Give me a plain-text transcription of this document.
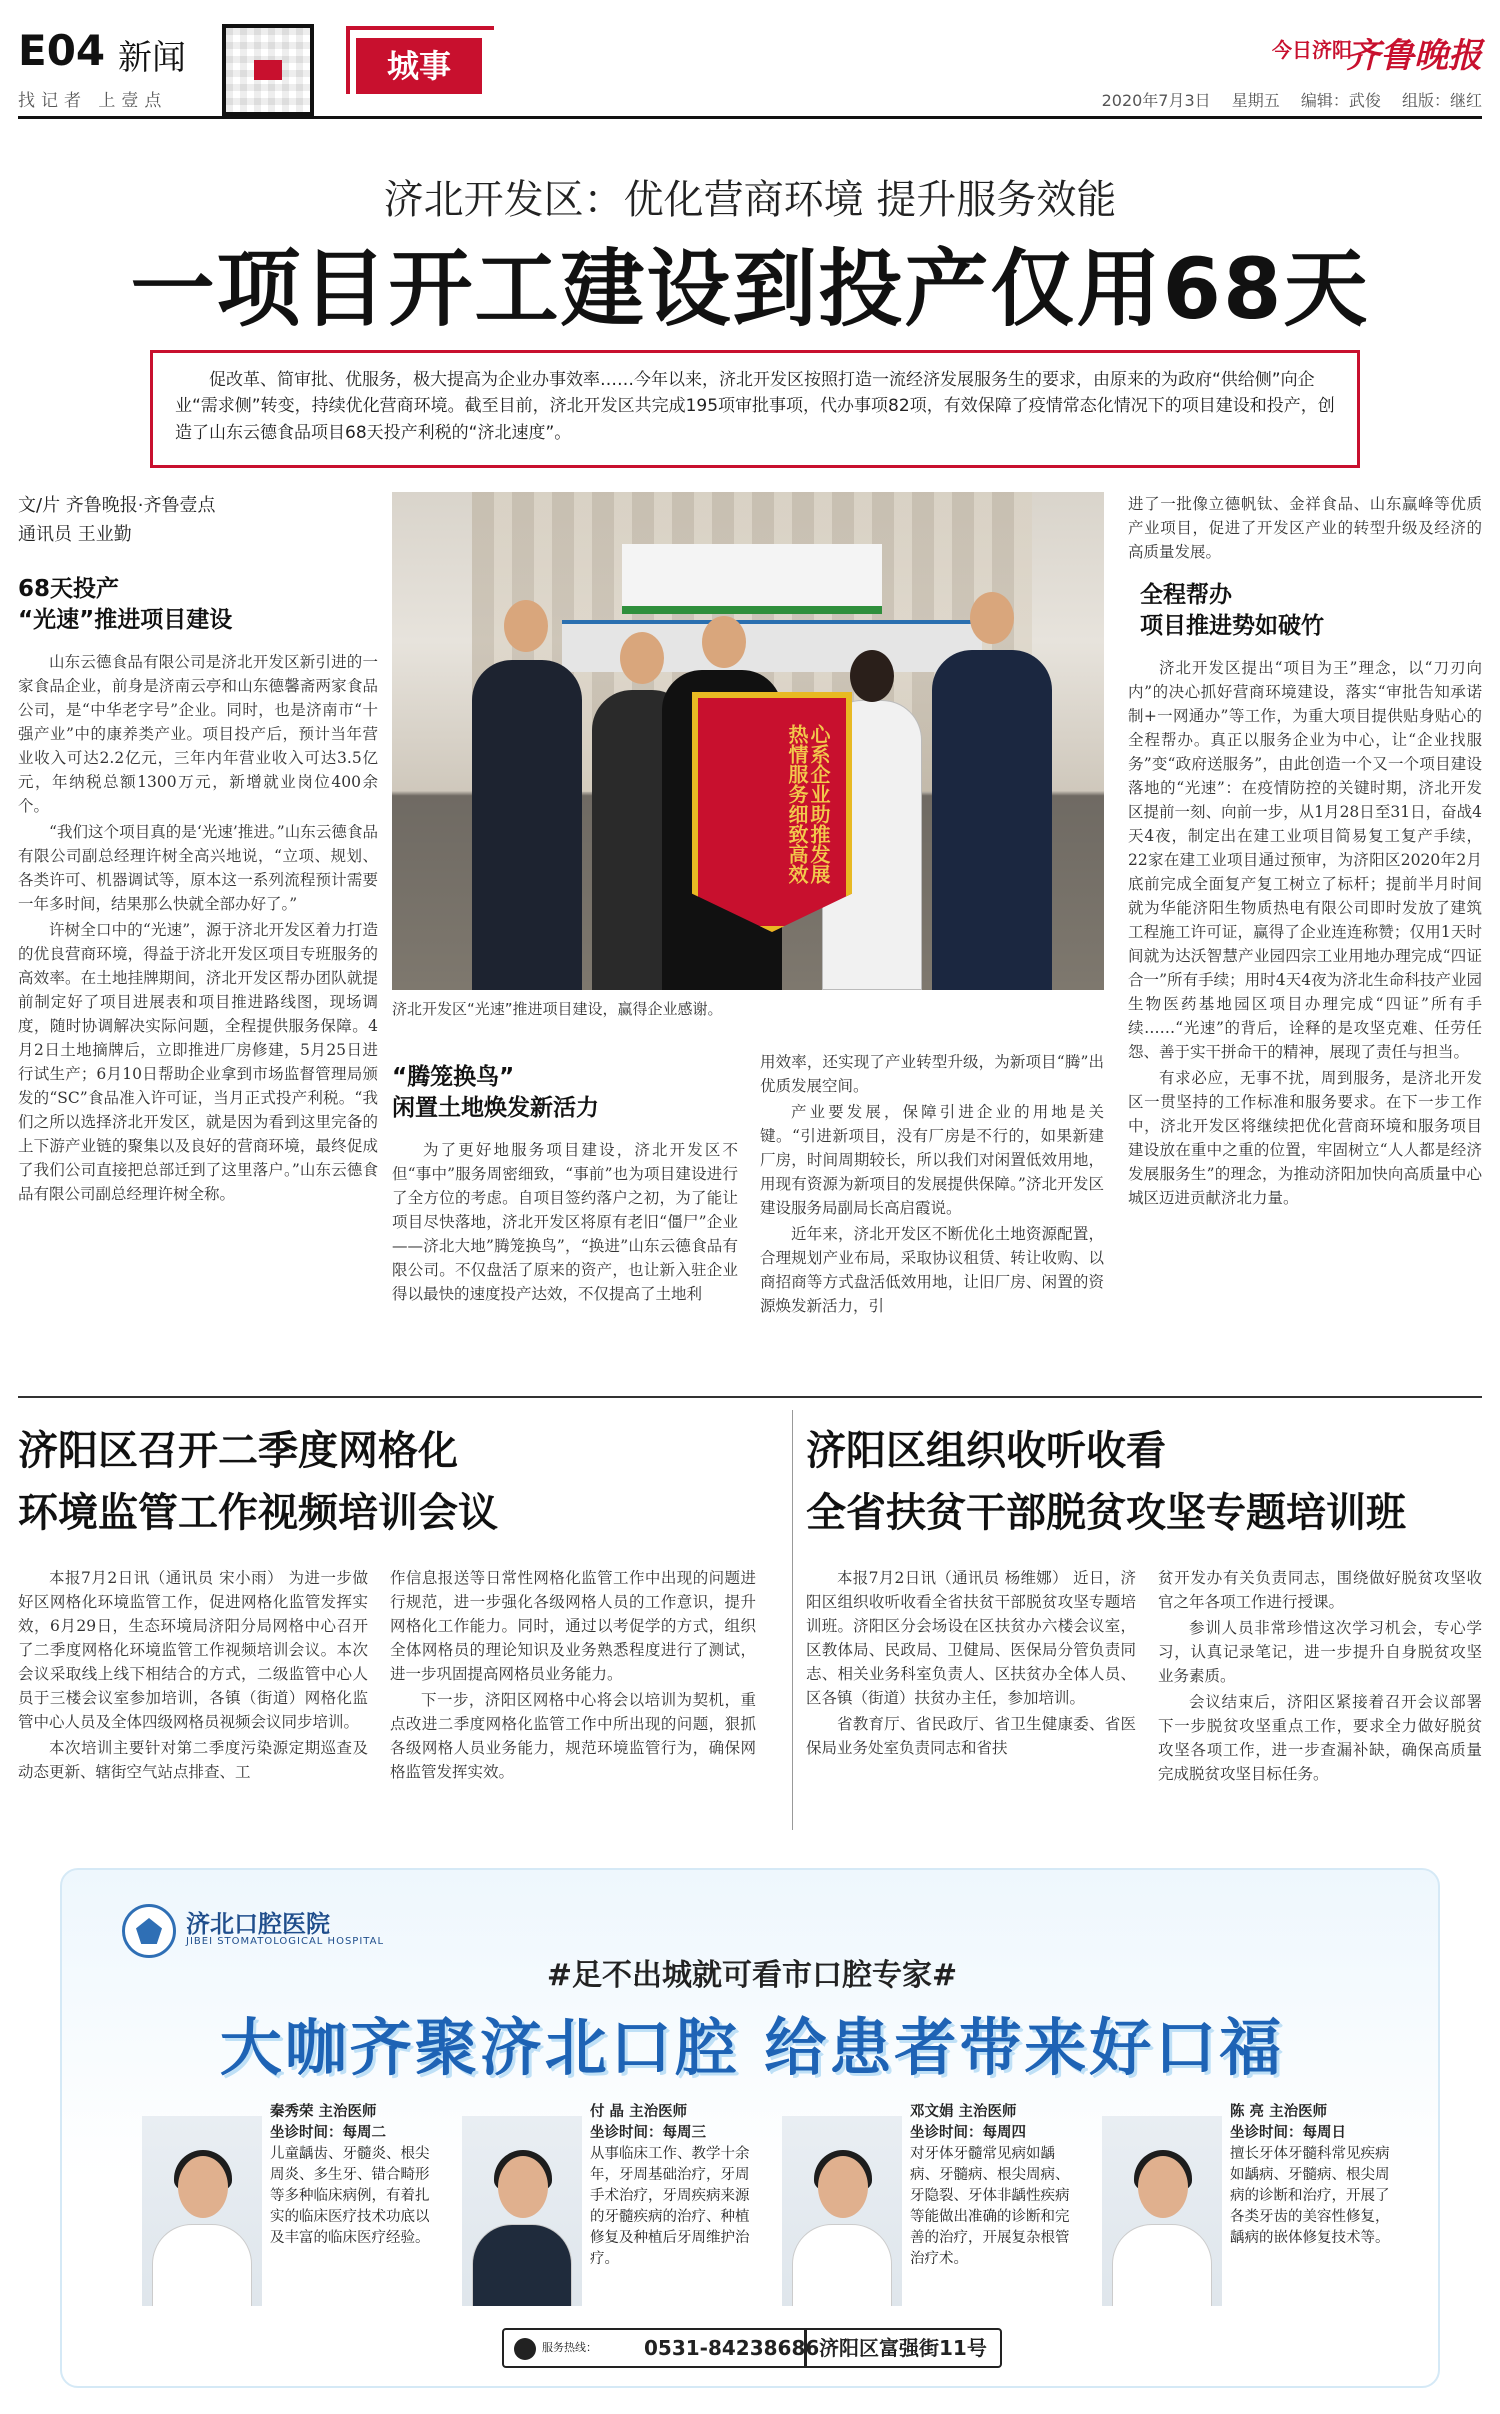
E04 新闻
找记者 上壹点
城事	今日济阳
齐鲁晚报
2020年7月3日 星期五 编辑：武俊 组版：继红
济北开发区：优化营商环境 提升服务效能
一项目开工建设到投产仅用68天
促改革、简审批、优服务，极大提高为企业办事效率……今年以来，济北开发区按照打造一流经济发展服务生的要求，由原来的为政府“供给侧”向企业“需求侧”转变，持续优化营商环境。截至目前，济北开发区共完成195项审批事项，代办事项82项，有效保障了疫情常态化情况下的项目建设和投产，创造了山东云德食品项目68天投产利税的“济北速度”。
文/片 齐鲁晚报·齐鲁壹点
通讯员 王业勤
68天投产
“光速”推进项目建设

山东云德食品有限公司是济北开发区新引进的一家食品企业，前身是济南云亭和山东德馨斋两家食品公司，是“中华老字号”企业。同时，也是济南市“十强产业”中的康养类产业。项目投产后，预计当年营业收入可达2.2亿元，三年内年营业收入可达3.5亿元，年纳税总额1300万元，新增就业岗位400余个。

“我们这个项目真的是‘光速’推进。”山东云德食品有限公司副总经理许树全高兴地说，“立项、规划、各类许可、机器调试等，原本这一系列流程预计需要一年多时间，结果那么快就全部办好了。”

许树全口中的“光速”，源于济北开发区着力打造的优良营商环境，得益于济北开发区项目专班服务的高效率。在土地挂牌期间，济北开发区帮办团队就提前制定好了项目进展表和项目推进路线图，现场调度，随时协调解决实际问题，全程提供服务保障。4月2日土地摘牌后，立即推进厂房修建，5月25日进行试生产；6月10日帮助企业拿到市场监督管理局颁发的“SC”食品准入许可证，当月正式投产利税。“我们之所以选择济北开发区，就是因为看到这里完备的上下游产业链的聚集以及良好的营商环境，最终促成了我们公司直接把总部迁到了这里落户。”山东云德食品有限公司副总经理许树全称。

心系企业助推发展 热情服务细致高效
济北开发区“光速”推进项目建设，赢得企业感谢。
“腾笼换鸟”
闲置土地焕发新活力

为了更好地服务项目建设，济北开发区不但“事中”服务周密细致，“事前”也为项目建设进行了全方位的考虑。自项目签约落户之初，为了能让项目尽快落地，济北开发区将原有老旧“僵尸”企业——济北大地”腾笼换鸟”，“换进”山东云德食品有限公司。不仅盘活了原来的资产，也让新入驻企业得以最快的速度投产达效，不仅提高了土地利

用效率，还实现了产业转型升级，为新项目“腾”出优质发展空间。

产业要发展，保障引进企业的用地是关键。“引进新项目，没有厂房是不行的，如果新建厂房，时间周期较长，所以我们对闲置低效用地，用现有资源为新项目的发展提供保障。”济北开发区建设服务局副局长高启霞说。

近年来，济北开发区不断优化土地资源配置，合理规划产业布局，采取协议租赁、转让收购、以商招商等方式盘活低效用地，让旧厂房、闲置的资源焕发新活力，引

进了一批像立德帆钛、金祥食品、山东赢峰等优质产业项目，促进了开发区产业的转型升级及经济的高质量发展。

全程帮办
项目推进势如破竹

济北开发区提出“项目为王”理念，以“刀刃向内”的决心抓好营商环境建设，落实“审批告知承诺制+一网通办”等工作，为重大项目提供贴身贴心的全程帮办。真正以服务企业为中心，让“企业找服务”变“政府送服务”，由此创造一个又一个项目建设落地的“光速”：在疫情防控的关键时期，济北开发区提前一刻、向前一步，从1月28日至31日，奋战4天4夜，制定出在建工业项目简易复工复产手续，22家在建工业项目通过预审，为济阳区2020年2月底前完成全面复产复工树立了标杆；提前半月时间就为华能济阳生物质热电有限公司即时发放了建筑工程施工许可证，赢得了企业连连称赞；仅用1天时间就为达沃智慧产业园四宗工业用地办理完成“四证合一”所有手续；用时4天4夜为济北生命科技产业园生物医药基地园区项目办理完成“四证”所有手续……“光速”的背后，诠释的是攻坚克难、任劳任怨、善于实干拼命干的精神，展现了责任与担当。

有求必应，无事不扰，周到服务，是济北开发区一贯坚持的工作标准和服务要求。在下一步工作中，济北开发区将继续把优化营商环境和服务项目建设放在重中之重的位置，牢固树立“人人都是经济发展服务生”的理念，为推动济阳加快向高质量中心城区迈进贡献济北力量。

济阳区召开二季度网格化
环境监管工作视频培训会议

本报7月2日讯（通讯员 宋小雨） 为进一步做好区网格化环境监管工作，促进网格化监管发挥实效，6月29日，生态环境局济阳分局网格中心召开了二季度网格化环境监管工作视频培训会议。本次会议采取线上线下相结合的方式，二级监管中心人员于三楼会议室参加培训，各镇（街道）网格化监管中心人员及全体四级网格员视频会议同步培训。

本次培训主要针对第二季度污染源定期巡查及动态更新、辖街空气站点排查、工

作信息报送等日常性网格化监管工作中出现的问题进行规范，进一步强化各级网格人员的工作意识，提升网格化工作能力。同时，通过以考促学的方式，组织全体网格员的理论知识及业务熟悉程度进行了测试，进一步巩固提高网格员业务能力。

下一步，济阳区网格中心将会以培训为契机，重点改进二季度网格化监管工作中所出现的问题，狠抓各级网格人员业务能力，规范环境监管行为，确保网格监管发挥实效。

济阳区组织收听收看
全省扶贫干部脱贫攻坚专题培训班

本报7月2日讯（通讯员 杨维娜） 近日，济阳区组织收听收看全省扶贫干部脱贫攻坚专题培训班。济阳区分会场设在区扶贫办六楼会议室，区教体局、民政局、卫健局、医保局分管负责同志、相关业务科室负责人、区扶贫办全体人员、区各镇（街道）扶贫办主任，参加培训。

省教育厅、省民政厅、省卫生健康委、省医保局业务处室负责同志和省扶

贫开发办有关负责同志，围绕做好脱贫攻坚收官之年各项工作进行授课。

参训人员非常珍惜这次学习机会，专心学习，认真记录笔记，进一步提升自身脱贫攻坚业务素质。

会议结束后，济阳区紧接着召开会议部署下一步脱贫攻坚重点工作，要求全力做好脱贫攻坚各项工作，进一步查漏补缺，确保高质量完成脱贫攻坚目标任务。

济北口腔医院
JIBEI STOMATOLOGICAL HOSPITAL
#足不出城就可看市口腔专家#
大咖齐聚济北口腔 给患者带来好口福
秦秀荣 主治医师
坐诊时间：每周二
儿童龋齿、牙髓炎、根尖周炎、多生牙、错合畸形等多种临床病例，有着扎实的临床医疗技术功底以及丰富的临床医疗经验。
付 晶 主治医师
坐诊时间：每周三
从事临床工作、教学十余年，牙周基础治疗，牙周手术治疗，牙周疾病来源的牙髓疾病的治疗、种植修复及种植后牙周维护治疗。
邓文娟 主治医师
坐诊时间：每周四
对牙体牙髓常见病如龋病、牙髓病、根尖周病、牙隐裂、牙体非龋性疾病等能做出准确的诊断和完善的治疗，开展复杂根管治疗术。
陈 亮 主治医师
坐诊时间：每周日
擅长牙体牙髓科常见疾病如龋病、牙髓病、根尖周病的诊断和治疗，开展了各类牙齿的美容性修复，龋病的嵌体修复技术等。
服务热线： 0531-84238686 济阳区富强街11号
